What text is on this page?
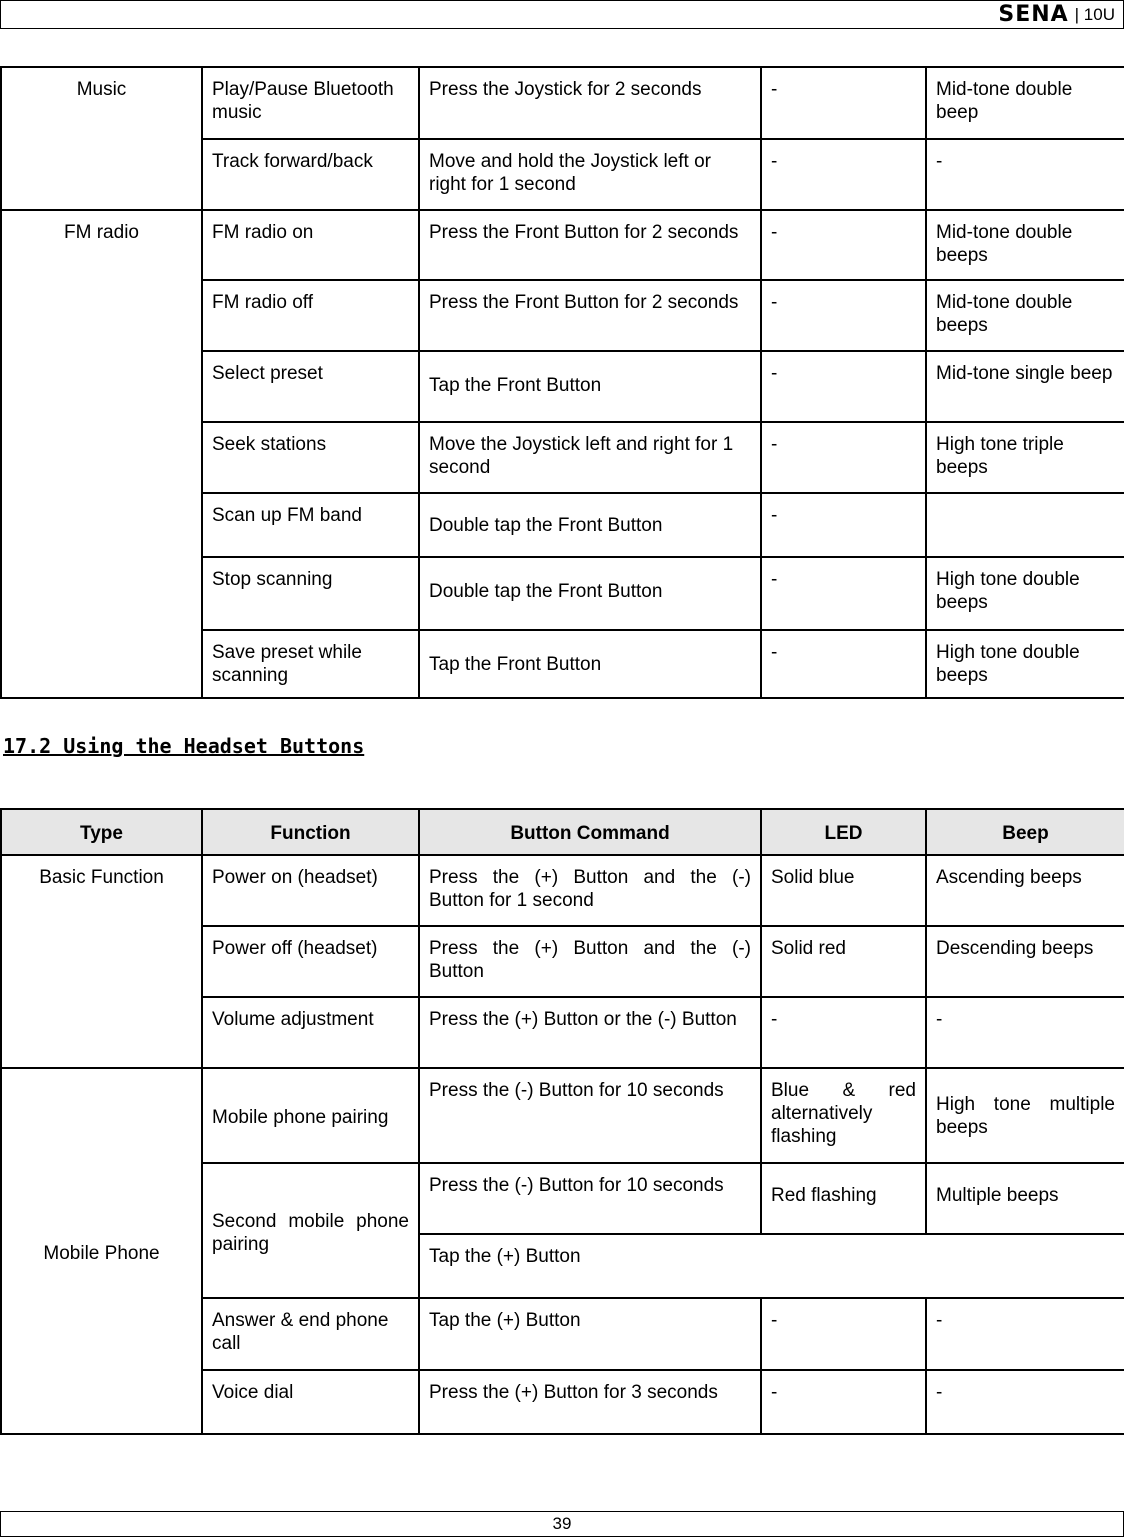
SENA | 10U
Music	Play/Pause Bluetooth music	Press the Joystick for 2 seconds	-	Mid-tone double beep
	Track forward/back	Move and hold the Joystick left or right for 1 second	-	-
FM radio	FM radio on	Press the Front Button for 2 seconds	-	Mid-tone double beeps
	FM radio off	Press the Front Button for 2 seconds	-	Mid-tone double beeps
	Select preset	Tap the Front Button	-	Mid-tone single beep
	Seek stations	Move the Joystick left and right for 1 second	-	High tone triple beeps
	Scan up FM band	Double tap the Front Button	-	
	Stop scanning	Double tap the Front Button	-	High tone double beeps
	Save preset while scanning	Tap the Front Button	-	High tone double beeps
17.2 Using the Headset Buttons
Type	Function	Button Command	LED	Beep
Basic Function	Power on (headset)	Press the (+) Button and the (-) Button for 1 second	Solid blue	Ascending beeps
	Power off (headset)	Press the (+) Button and the (-) Button	Solid red	Descending beeps
	Volume adjustment	Press the (+) Button or the (-) Button	-	-
Mobile Phone	Mobile phone pairing	Press the (-) Button for 10 seconds	Blue & red alternatively flashing	High tone multiple beeps
	Second mobile phone pairing	Press the (-) Button for 10 seconds	Red flashing	Multiple beeps
		Tap the (+) Button		
	Answer & end phone call	Tap the (+) Button	-	-
	Voice dial	Press the (+) Button for 3 seconds	-	-
39
